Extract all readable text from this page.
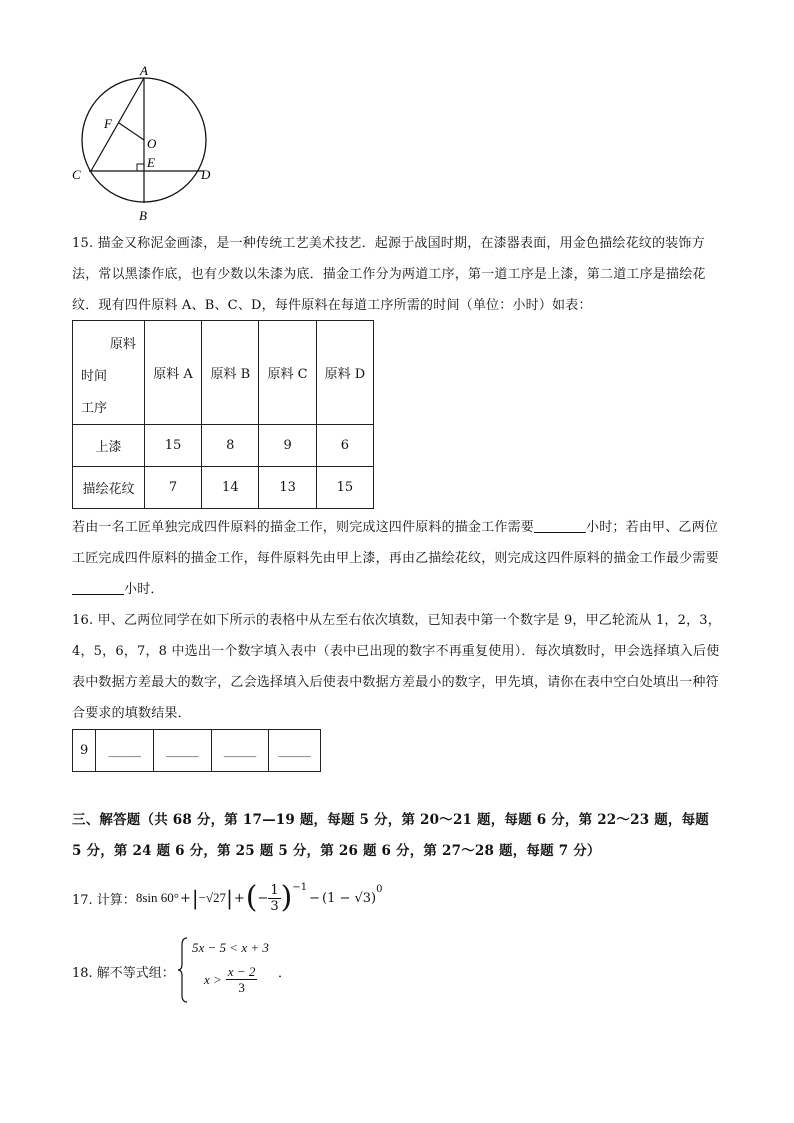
A
F
O
E
C	D
B
15. 描金又称泥金画漆，是一种传统工艺美术技艺．起源于战国时期，在漆器表面，用金色描绘花纹的装饰方法，常以黑漆作底，也有少数以朱漆为底．描金工作分为两道工序，第一道工序是上漆，第二道工序是描绘花纹．现有四件原料 A、B、C、D，每件原料在每道工序所需的时间（单位：小时）如表：
原料
时间
工序	原料 A	原料 B	原料 C	原料 D
上漆	15	8	9	6
描绘花纹	7	14	13	15
若由一名工匠单独完成四件原料的描金工作，则完成这四件原料的描金工作需要	小时；若由甲、乙两位工匠完成四件原料的描金工作，每件原料先由甲上漆，再由乙描绘花纹，则完成这四件原料的描金工作最少需要小时．
16. 甲、乙两位同学在如下所示的表格中从左至右依次填数，已知表中第一个数字是 9，甲乙轮流从 1，2，3，4，5，6，7，8 中选出一个数字填入表中（表中已出现的数字不再重复使用）．每次填数时，甲会选择填入后使表中数据方差最大的数字，乙会选择填入后使表中数据方差最小的数字，甲先填，请你在表中空白处填出一种符合要求的填数结果．
9	_____	_____	_____	_____
三、解答题（共 68 分，第 17—19 题，每题 5 分，第 20～21 题，每题 6 分，第 22～23 题，每题 5 分，第 24 题 6 分，第 25 题 5 分，第 26 题 6 分，第 27～28 题，每题 7 分）
17. 计算： 8sin 60° + | −√27 | + ( − $\frac{1}{3} )^{-1}$
− (1 − √3)
$^0$
18. 解不等式组：
5x − 5 < x + 3
$x > \frac{x - 2}{3}$ ．
